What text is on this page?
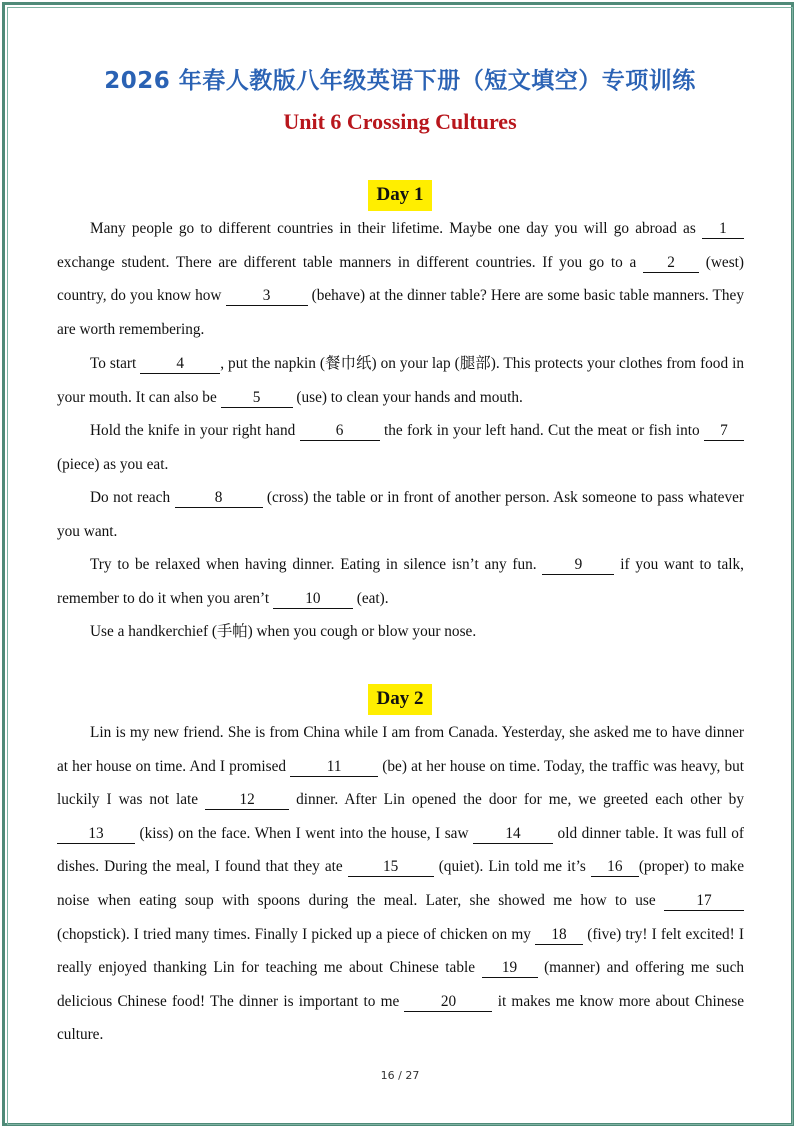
2026 年春人教版八年级英语下册（短文填空）专项训练
Unit 6 Crossing Cultures
Day 1
Many people go to different countries in their lifetime. Maybe one day you will go abroad as 1 exchange student. There are different table manners in different countries. If you go to a 2 (west) country, do you know how 3 (behave) at the dinner table? Here are some basic table manners. They are worth remembering.
To start 4 , put the napkin (餐巾纸) on your lap (腿部). This protects your clothes from food in your mouth. It can also be 5 (use) to clean your hands and mouth.
Hold the knife in your right hand 6 the fork in your left hand. Cut the meat or fish into 7 (piece) as you eat.
Do not reach	8	(cross) the table or in front of another person. Ask someone to pass whatever you want.
Try to be relaxed when having dinner. Eating in silence isn’t any fun. 9 if you want to talk, remember to do it when you aren’t 10 (eat).
Use a handkerchief (手帕) when you cough or blow your nose.
Day 2
Lin is my new friend. She is from China while I am from Canada. Yesterday, she asked me to have dinner at her house on time. And I promised 11 (be) at her house on time. Today, the traffic was heavy, but luckily I was not late 12 dinner. After Lin opened the door for me, we greeted each other by 13 (kiss) on the face. When I went into the house, I saw 14 old dinner table. It was full of dishes. During the meal, I found that they ate 15 (quiet). Lin told me it’s 16 (proper) to make noise when eating soup with spoons during the meal. Later, she showed me how to use 17 (chopstick). I tried many times. Finally I picked up a piece of chicken on my 18 (five) try! I felt excited! I really enjoyed thanking Lin for teaching me about Chinese table 19 (manner) and offering me such delicious Chinese food! The dinner is important to me 20 it makes me know more about Chinese culture.
16 / 27
